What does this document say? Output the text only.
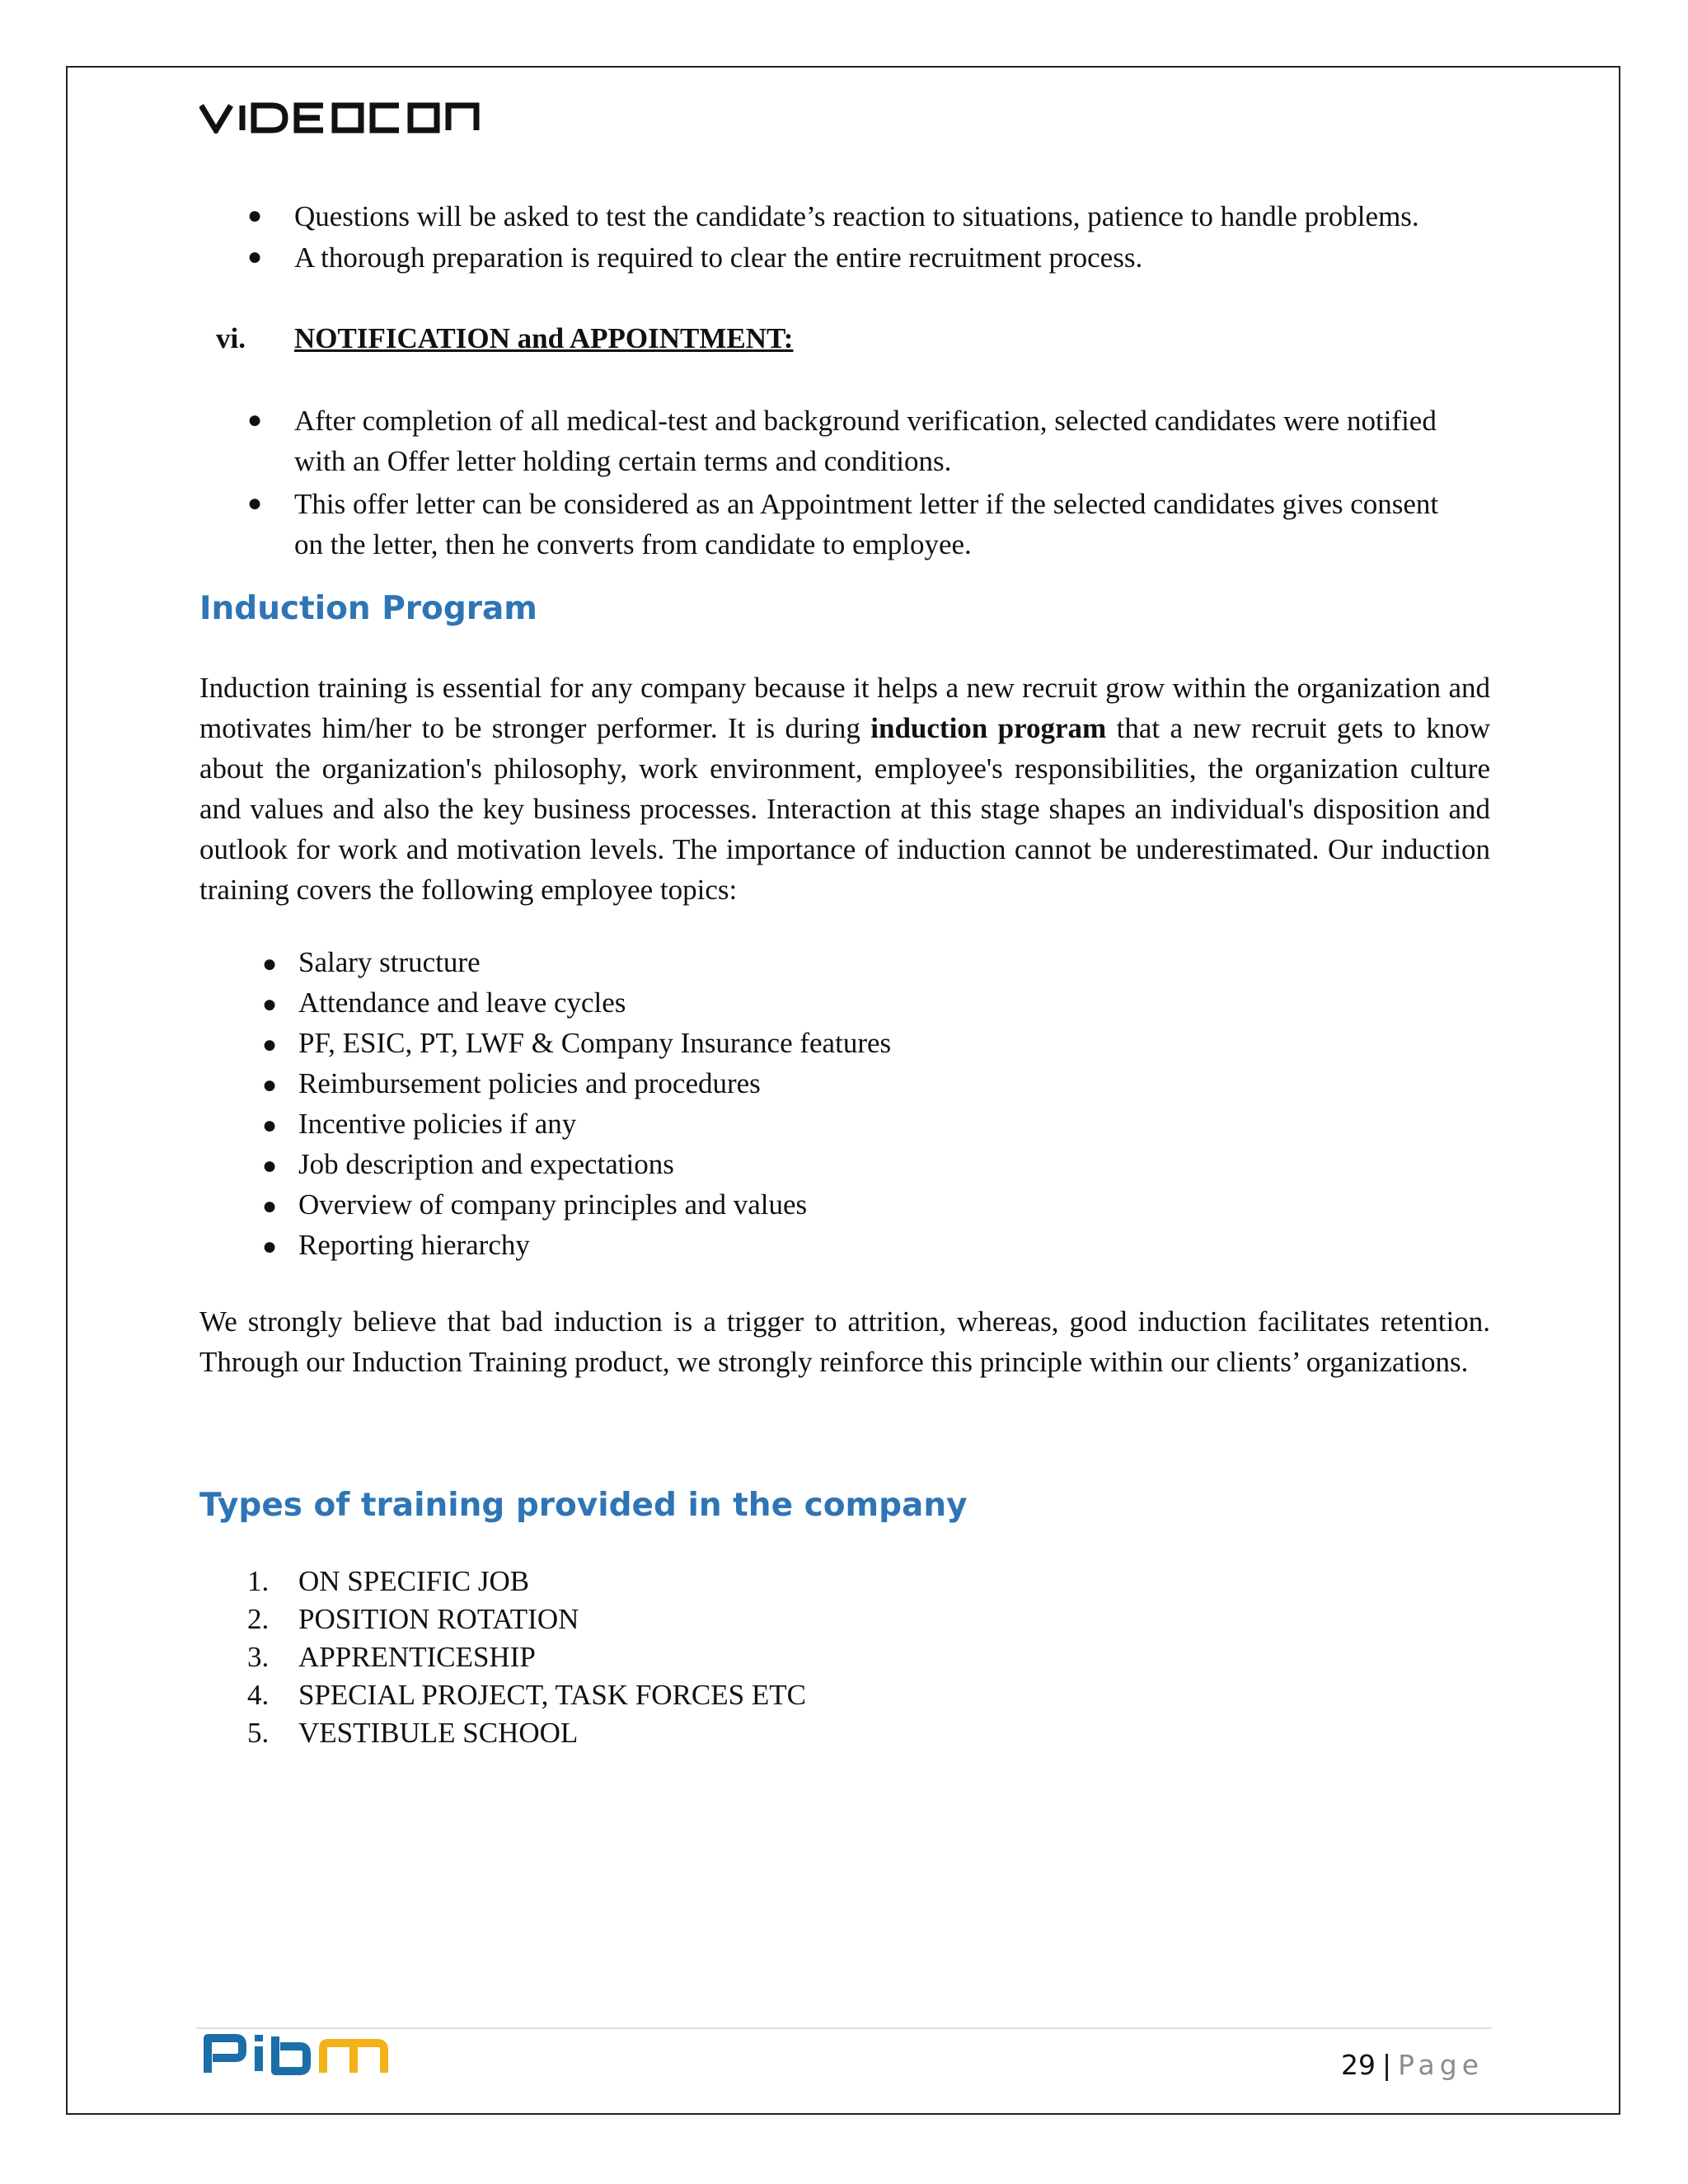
● Questions will be asked to test the candidate’s reaction to situations, patience to handle problems.
● A thorough preparation is required to clear the entire recruitment process.
vi. NOTIFICATION and APPOINTMENT:
● After completion of all medical-test and background verification, selected candidates were notified
with an Offer letter holding certain terms and conditions.
● This offer letter can be considered as an Appointment letter if the selected candidates gives consent
on the letter, then he converts from candidate to employee.
Induction Program
Induction training is essential for any company because it helps a new recruit grow within the organization and motivates him/her to be stronger performer. It is during induction program that a new recruit gets to know about the organization's philosophy, work environment, employee's responsibilities, the organization culture and values and also the key business processes. Interaction at this stage shapes an individual's disposition and outlook for work and motivation levels. The importance of induction cannot be underestimated. Our induction training covers the following employee topics:
● Salary structure
● Attendance and leave cycles
● PF, ESIC, PT, LWF & Company Insurance features
● Reimbursement policies and procedures
● Incentive policies if any
● Job description and expectations
● Overview of company principles and values
● Reporting hierarchy
We strongly believe that bad induction is a trigger to attrition, whereas, good induction facilitates retention. Through our Induction Training product, we strongly reinforce this principle within our clients’ organizations.
Types of training provided in the company
1. ON SPECIFIC JOB
2. POSITION ROTATION
3. APPRENTICESHIP
4. SPECIAL PROJECT, TASK FORCES ETC
5. VESTIBULE SCHOOL
29 | Page
